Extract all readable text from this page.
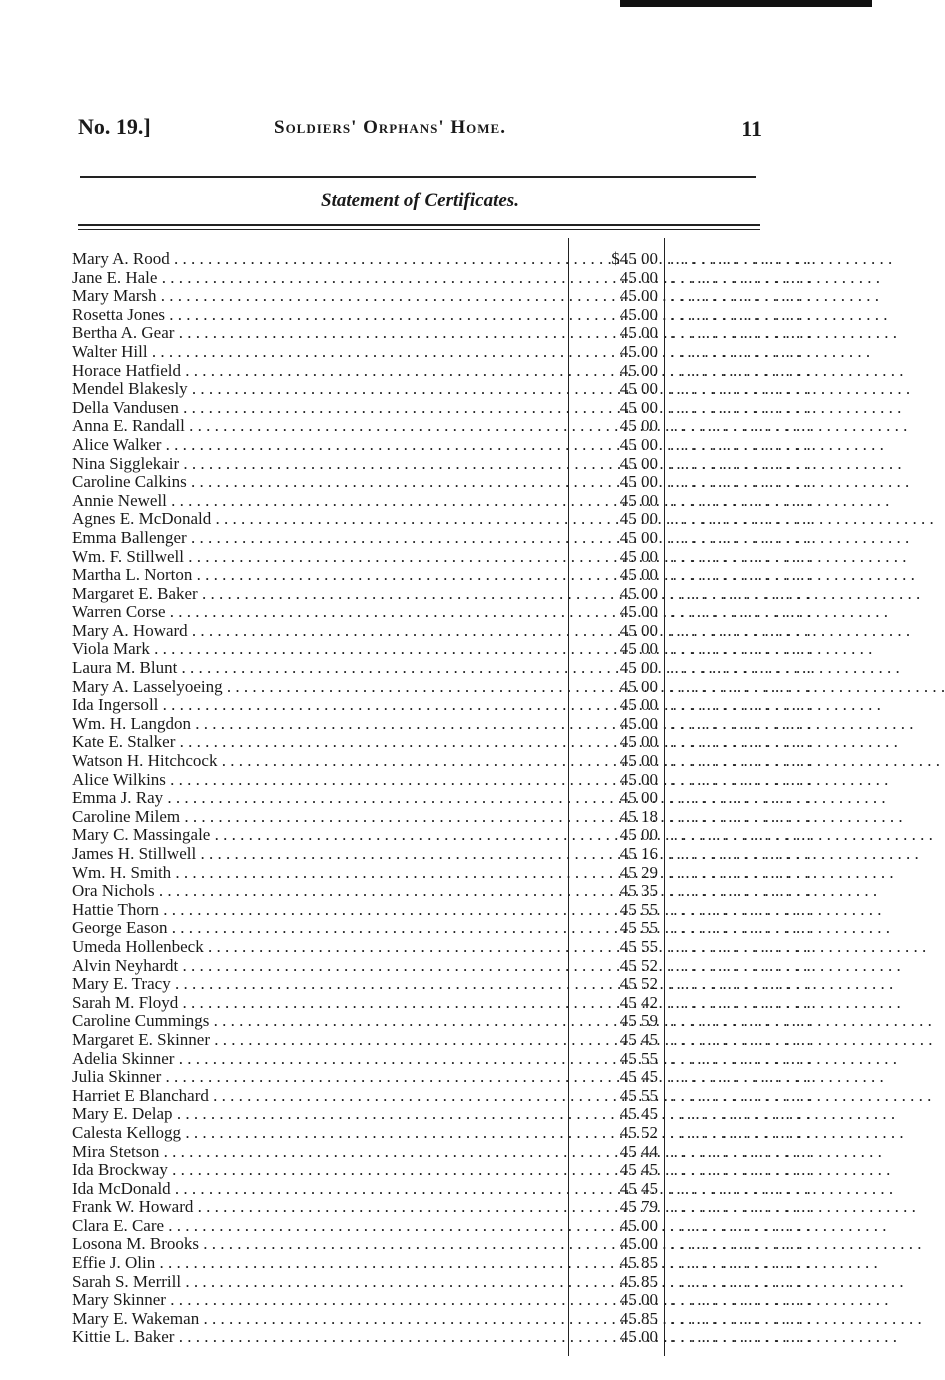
No. 19.]	Soldiers' Orphans' Home.	11
Statement of Certificates.
Mary A. Rood . . .	$45 00 . . . . . . . . . . . . . .
Jane E. Hale . . .	45 00 . . . . . . . . . . . . . .
Mary Marsh . . .	45 00 . . . . . . . . . . . . . .
Rosetta Jones . . .	45 00 . . . . . . . . . . . . . .
Bertha A. Gear . . .	45 00 . . . . . . . . . . . . . .
Walter Hill . . .	45 00 . . . . . . . . . . . . . .
Horace Hatfield . . .	45 00 . . . . . . . . . . . . . .
Mendel Blakesly . . .	45 00 . . . . . . . . . . . . . .
Della Vandusen . . .	45 00 . . . . . . . . . . . . . .
Anna E. Randall . . .	45 00 . . . . . . . . . . . . . .
Alice Walker . . .	45 00 . . . . . . . . . . . . . .
Nina Sigglekair . . .	45 00 . . . . . . . . . . . . . .
Caroline Calkins . . .	45 00 . . . . . . . . . . . . . .
Annie Newell . . .	45 00 . . . . . . . . . . . . . .
Agnes E. McDonald . . .	45 00 . . . . . . . . . . . . . .
Emma Ballenger . . .	45 00 . . . . . . . . . . . . . .
Wm. F. Stillwell . . .	45 00 . . . . . . . . . . . . . .
Martha L. Norton . . .	45 00 . . . . . . . . . . . . . .
Margaret E. Baker . . .	45 00 . . . . . . . . . . . . . .
Warren Corse . . .	45 00 . . . . . . . . . . . . . .
Mary A. Howard . . .	45 00 . . . . . . . . . . . . . .
Viola Mark . . .	45 00 . . . . . . . . . . . . . .
Laura M. Blunt . . .	45 00 . . . . . . . . . . . . . .
Mary A. Lasselyoeing . . .	45 00 . . . . . . . . . . . . . .
Ida Ingersoll . . .	45 00 . . . . . . . . . . . . . .
Wm. H. Langdon . . .	45 00 . . . . . . . . . . . . . .
Kate E. Stalker . . .	45 00 . . . . . . . . . . . . . .
Watson H. Hitchcock . . .	45 00 . . . . . . . . . . . . . .
Alice Wilkins . . .	45 00 . . . . . . . . . . . . . .
Emma J. Ray . . .	45 00 . . . . . . . . . . . . . .
Caroline Milem . . .	45 18 . . . . . . . . . . . . . .
Mary C. Massingale . . .	45 00 . . . . . . . . . . . . . .
James H. Stillwell . . .	45 16 . . . . . . . . . . . . . .
Wm. H. Smith . . .	45 29 . . . . . . . . . . . . . .
Ora Nichols . . .	45 35 . . . . . . . . . . . . . .
Hattie Thorn . . .	45 55 . . . . . . . . . . . . . .
George Eason . . .	45 55 . . . . . . . . . . . . . .
Umeda Hollenbeck . . .	45 55 . . . . . . . . . . . . . .
Alvin Neyhardt . . .	45 52 . . . . . . . . . . . . . .
Mary E. Tracy . . .	45 52 . . . . . . . . . . . . . .
Sarah M. Floyd . . .	45 42 . . . . . . . . . . . . . .
Caroline Cummings . . .	45 59 . . . . . . . . . . . . . .
Margaret E. Skinner . . .	45 45 . . . . . . . . . . . . . .
Adelia Skinner . . .	45 55 . . . . . . . . . . . . . .
Julia Skinner . . .	45 45 . . . . . . . . . . . . . .
Harriet E Blanchard . . .	45 55 . . . . . . . . . . . . . .
Mary E. Delap . . .	45 45 . . . . . . . . . . . . . .
Calesta Kellogg . . .	45 52 . . . . . . . . . . . . . .
Mira Stetson . . .	45 44 . . . . . . . . . . . . . .
Ida Brockway . . .	45 45 . . . . . . . . . . . . . .
Ida McDonald . . .	45 45 . . . . . . . . . . . . . .
Frank W. Howard . . .	45 79 . . . . . . . . . . . . . .
Clara E. Care . . .	45 00 . . . . . . . . . . . . . .
Losona M. Brooks . . .	45 00 . . . . . . . . . . . . . .
Effie J. Olin . . .	45 85 . . . . . . . . . . . . . .
Sarah S. Merrill . . .	45 85 . . . . . . . . . . . . . .
Mary Skinner . . .	45 00 . . . . . . . . . . . . . .
Mary E. Wakeman . . .	45 85 . . . . . . . . . . . . . .
Kittie L. Baker . . .	45 00 . . . . . . . . . . . . . .
